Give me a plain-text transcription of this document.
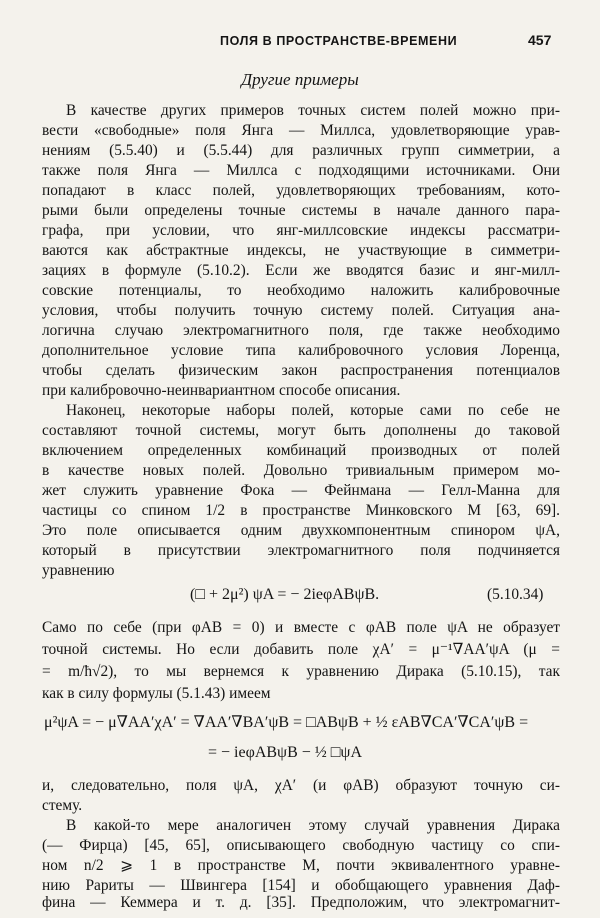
ПОЛЯ В ПРОСТРАНСТВЕ-ВРЕМЕНИ	457
Другие примеры
В качестве других примеров точных систем полей можно при-
вести «свободные» поля Янга — Миллса, удовлетворяющие урав-
нениям (5.5.40) и (5.5.44) для различных групп симметрии, а
также поля Янга — Миллса с подходящими источниками. Они
попадают в класс полей, удовлетворяющих требованиям, кото-
рыми были определены точные системы в начале данного пара-
графа, при условии, что янг-миллсовские индексы рассматри-
ваются как абстрактные индексы, не участвующие в симметри-
зациях в формуле (5.10.2). Если же вводятся базис и янг-милл-
совские потенциалы, то необходимо наложить калибровочные
условия, чтобы получить точную систему полей. Ситуация ана-
логична случаю электромагнитного поля, где также необходимо
дополнительное условие типа калибровочного условия Лоренца,
чтобы сделать физическим закон распространения потенциалов
при калибровочно-неинвариантном способе описания.
Наконец, некоторые наборы полей, которые сами по себе не
составляют точной системы, могут быть дополнены до таковой
включением определенных комбинаций производных от полей
в качестве новых полей. Довольно тривиальным примером мо-
жет служить уравнение Фока — Фейнмана — Гелл-Манна для
частицы со спином 1/2 в пространстве Минковского М [63, 69].
Это поле описывается одним двухкомпонентным спинором ψA,
который в присутствии электромагнитного поля подчиняется
уравнению
(□ + 2μ²) ψA = − 2ieφABψB.	(5.10.34)
Само по себе (при φAB = 0) и вместе с φAB поле ψA не образует
точной системы. Но если добавить поле χA′ = μ⁻¹∇AA′ψA (μ =
= m/ħ√2), то мы вернемся к уравнению Дирака (5.10.15), так
как в силу формулы (5.1.43) имеем
μ²ψA = − μ∇AA′χA′ = ∇AA′∇BA′ψB = □ABψB + ½ εAB∇CA′∇CA′ψB =
= − ieφABψB − ½ □ψA
и, следовательно, поля ψA, χA′ (и φAB) образуют точную си-
стему.
В какой-то мере аналогичен этому случай уравнения Дирака
(— Фирца) [45, 65], описывающего свободную частицу со спи-
ном n/2 ⩾ 1 в пространстве М, почти эквивалентного уравне-
нию Рариты — Швингера [154] и обобщающего уравнения Даф-
фина — Кеммера и т. д. [35]. Предположим, что электромагнит-
